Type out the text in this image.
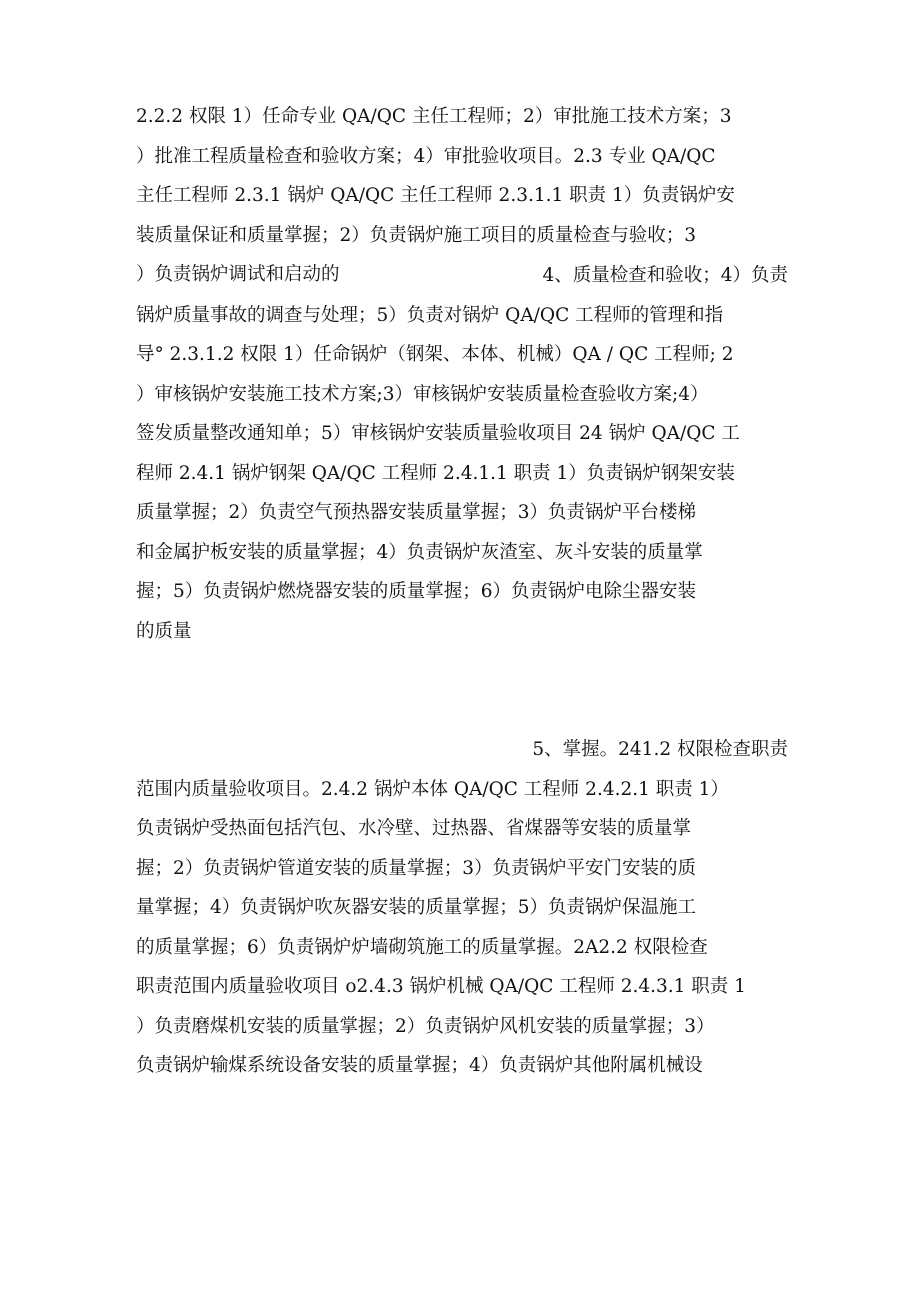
2.2.2 权限 1）任命专业 QA/QC 主任工程师；2）审批施工技术方案；3
）批准工程质量检查和验收方案；4）审批验收项目。2.3 专业 QA/QC
主任工程师 2.3.1 锅炉 QA/QC 主任工程师 2.3.1.1 职责 1）负责锅炉安
装质量保证和质量掌握；2）负责锅炉施工项目的质量检查与验收；3
）负责锅炉调试和启动的	4、质量检查和验收；4）负责
锅炉质量事故的调查与处理；5）负责对锅炉 QA/QC 工程师的管理和指
导° 2.3.1.2 权限 1）任命锅炉（钢架、本体、机械）QA / QC 工程师; 2
）审核锅炉安装施工技术方案;3）审核锅炉安装质量检查验收方案;4）
签发质量整改通知单；5）审核锅炉安装质量验收项目 24 锅炉 QA/QC 工
程师 2.4.1 锅炉钢架 QA/QC 工程师 2.4.1.1 职责 1）负责锅炉钢架安装
质量掌握；2）负责空气预热器安装质量掌握；3）负责锅炉平台楼梯
和金属护板安装的质量掌握；4）负责锅炉灰渣室、灰斗安装的质量掌
握；5）负责锅炉燃烧器安装的质量掌握；6）负责锅炉电除尘器安装
的质量
5、掌握。241.2 权限检查职责
范围内质量验收项目。2.4.2 锅炉本体 QA/QC 工程师 2.4.2.1 职责 1）
负责锅炉受热面包括汽包、水冷壁、过热器、省煤器等安装的质量掌
握；2）负责锅炉管道安装的质量掌握；3）负责锅炉平安门安装的质
量掌握；4）负责锅炉吹灰器安装的质量掌握；5）负责锅炉保温施工
的质量掌握；6）负责锅炉炉墙砌筑施工的质量掌握。2A2.2 权限检查
职责范围内质量验收项目 o2.4.3 锅炉机械 QA/QC 工程师 2.4.3.1 职责 1
）负责磨煤机安装的质量掌握；2）负责锅炉风机安装的质量掌握；3）
负责锅炉输煤系统设备安装的质量掌握；4）负责锅炉其他附属机械设
